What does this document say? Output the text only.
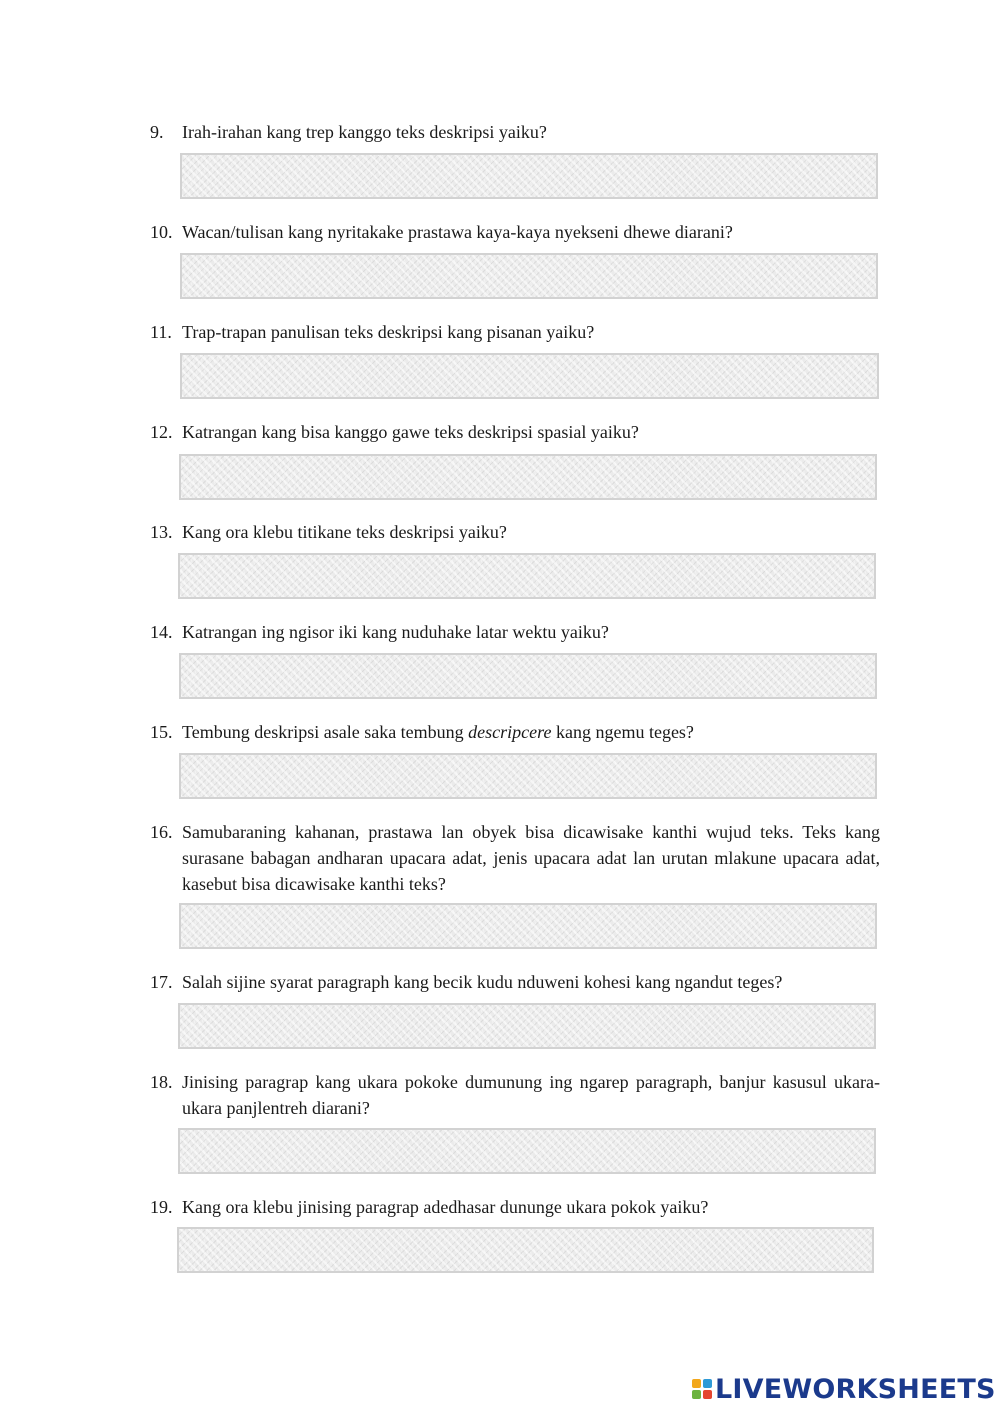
9.	Irah-irahan kang trep kanggo teks deskripsi yaiku?
10. Wacan/tulisan kang nyritakake prastawa kaya-kaya nyekseni dhewe diarani?
11. Trap-trapan panulisan teks deskripsi kang pisanan yaiku?
12. Katrangan kang bisa kanggo gawe teks deskripsi spasial yaiku?
13. Kang ora klebu titikane teks deskripsi yaiku?
14. Katrangan ing ngisor iki kang nuduhake latar wektu yaiku?
15. Tembung deskripsi asale saka tembung descripcere kang ngemu teges?
16. Samubaraning kahanan, prastawa lan obyek bisa dicawisake kanthi wujud teks. Teks kang surasane babagan andharan upacara adat, jenis upacara adat lan urutan mlakune upacara adat, kasebut bisa dicawisake kanthi teks?
17. Salah sijine syarat paragraph kang becik kudu nduweni kohesi kang ngandut teges?
18. Jinising paragrap kang ukara pokoke dumunung ing ngarep paragraph, banjur kasusul ukara-ukara panjlentreh diarani?
19. Kang ora klebu jinising paragrap adedhasar dununge ukara pokok yaiku?
LIVEWORKSHEETS
